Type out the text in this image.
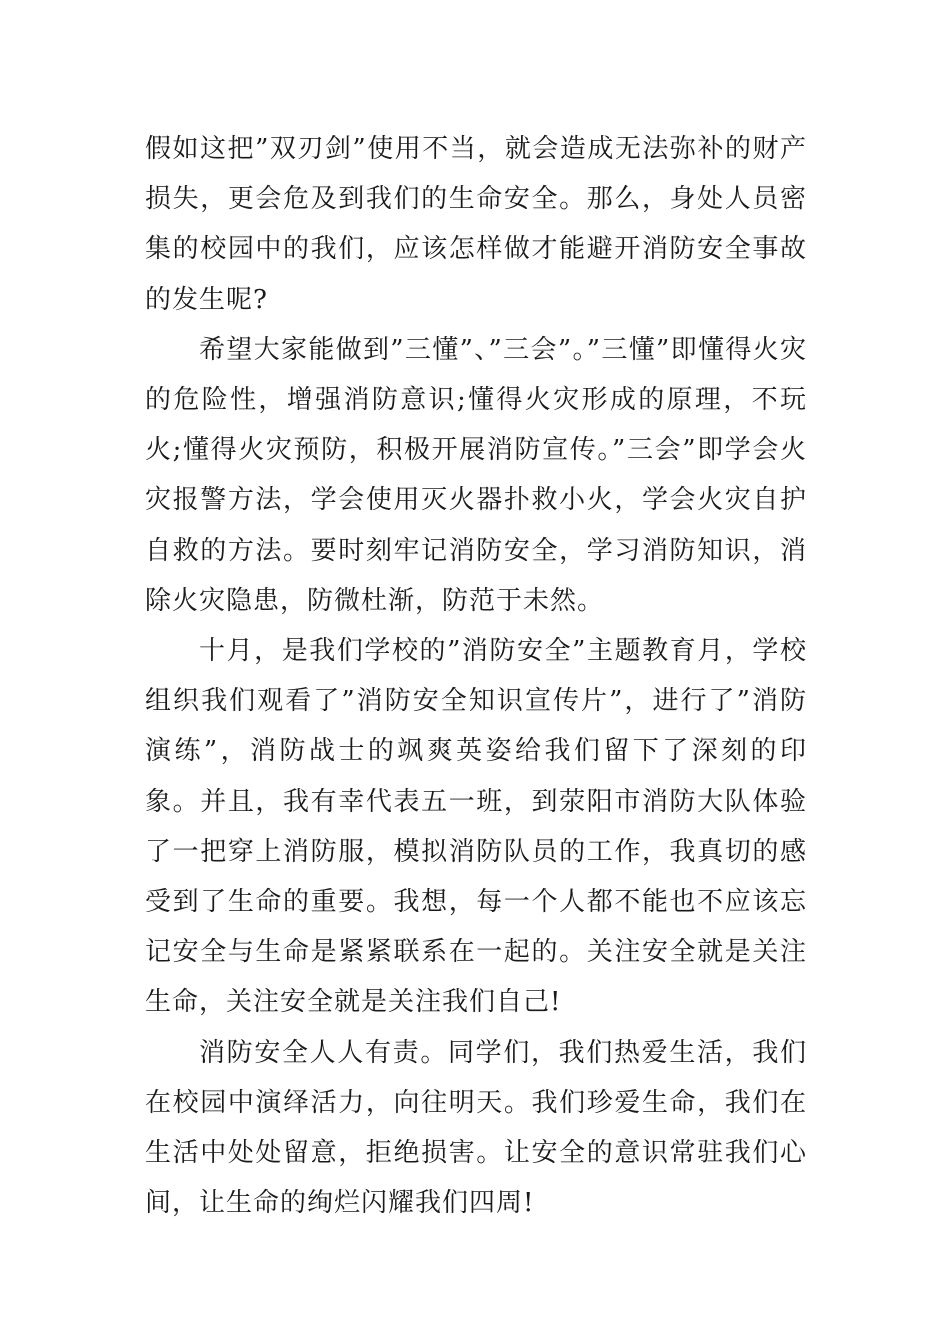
假如这把”双刃剑”使用不当，就会造成无法弥补的财产损失，更会危及到我们的生命安全。那么，身处人员密集的校园中的我们，应该怎样做才能避开消防安全事故的发生呢?

希望大家能做到”三懂”、”三会”。”三懂”即懂得火灾的危险性，增强消防意识;懂得火灾形成的原理，不玩火;懂得火灾预防，积极开展消防宣传。”三会”即学会火灾报警方法，学会使用灭火器扑救小火，学会火灾自护自救的方法。要时刻牢记消防安全，学习消防知识，消除火灾隐患，防微杜渐，防范于未然。

十月，是我们学校的”消防安全”主题教育月，学校组织我们观看了”消防安全知识宣传片”，进行了”消防演练”，消防战士的飒爽英姿给我们留下了深刻的印象。并且，我有幸代表五一班，到荥阳市消防大队体验了一把穿上消防服，模拟消防队员的工作，我真切的感受到了生命的重要。我想，每一个人都不能也不应该忘记安全与生命是紧紧联系在一起的。关注安全就是关注生命，关注安全就是关注我们自己!

消防安全人人有责。同学们，我们热爱生活，我们在校园中演绎活力，向往明天。我们珍爱生命，我们在生活中处处留意，拒绝损害。让安全的意识常驻我们心间，让生命的绚烂闪耀我们四周!
